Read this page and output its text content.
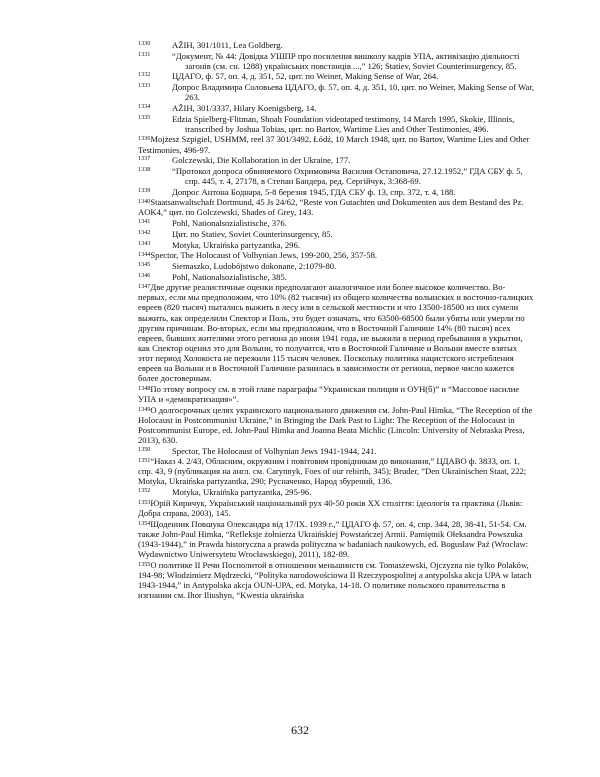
1330	AŽIH, 301/1011, Lea Goldberg.
1331	“Документ, № 44: Довідка УШПР про посилення вишколу кадрів УПА, активізацію діяльності загонів (см. сн. 1288) українських повстанців ...,” 126; Statiev, Soviet Counterinsurgency, 85.
1332	ЦДАГО, ф. 57, оп. 4, д. 351, 52, цит. по Weiner, Making Sense of War, 264.
1333	Допрос Владимира Соловьева ЦДАГО, ф. 57, оп. 4, д. 351, 10, цит. по Weiner, Making Sense of War, 263.
1334	AŽIH, 301/3337, Hilary Koenigsberg, 14.
1335	Edzia Spielberg-Flitman, Shoah Foundation videotaped testimony, 14 March 1995, Skokie, Illinois, transcribed by Joshua Tobias, цит. по Bartov, Wartime Lies and Other Testimonies, 496.
$^{1336}$Mojżesz Szpigiel, USHMM, reel 37 301/3492, Łódź, 10 March 1948, цит. по Bartov, Wartime Lies and Other Testimonies, 496-97.
1337	Golczewski, Die Kollaboration in der Ukraine, 177.
1338	“Протокол допроса обвиняемого Охримовича Василия Остаповича, 27.12.1952,” ГДА СБУ ф. 5, спр. 445, т. 4, 27178, в Степан Бандера, ред. Сергійчук, 3:368-69.
1339	Допрос Антона Боднара, 5-8 березня 1945, ГДА СБУ ф. 13, спр. 372, т. 4, 188.
$^{1340}$Staatsanwaltschaft Dortmund, 45 Js 24/62, “Reste von Gutachten und Dokumenten aus dem Bestand des Pz. AOK4,” цит. по Golczewski, Shades of Grey, 143.
1341	Pohl, Nationalsozialistische, 376.
1342	Цит. по Statiev, Soviet Counterinsurgency, 85.
1343	Motyka, Ukraińska partyzantka, 296.
$^{1344}$Spector, The Holocaust of Volhynian Jews, 199-200, 256, 357-58.
1345	Siemaszko, Ludobójstwo dokonane, 2:1079-80.
1346	Pohl, Nationalsozialistische, 385.
$^{1347}$Две другие реалистичные оценки предполагают аналогичное или более высокое количество. Во-первых, если мы предположим, что 10% (82 тысячи) из общего количества волынских и восточно-галицких евреев (820 тысяч) пытались выжить в лесу или в сельской местности и что 13500-18500 из них сумели выжить, как определили Спектор и Поль, это будет означать, что 63500-68500 были убиты или умерли по другим причинам. Во-вторых, если мы предположим, что в Восточной Галичине 14% (80 тысяч) всех евреев, бывших жителями этого региона до июня 1941 года, не выжили в период пребывания в укрытии, как Спектор оценил это для Волыни, то получится, что в Восточной Галичине и Волыни вместе взятых этот период Холокоста не пережили 115 тысяч человек. Поскольку политика нацистского истребления евреев на Волыни и в Восточной Галичине разнилась в зависимости от региона, первое число кажется более достоверным.
$^{1348}$По этому вопросу см. в этой главе параграфы “Украинская полиция и ОУН(б)” и “Массовое насилие УПА и «демократизация»”.
$^{1349}$О долгосрочных целях украинского национального движения см. John-Paul Himka, “The Reception of the Holocaust in Postcommunist Ukraine,” in Bringing the Dark Past to Light: The Reception of the Holocaust in Postcommunist Europe, ed. John-Paul Himka and Joanna Beata Michlic (Lincoln: University of Nebraska Press, 2013), 630.
1350	Spector, The Holocaust of Volhynian Jews 1941-1944, 241.
$^{1351}$“Наказ 4. 2/43, Обласним, окружним і повітовим провідникам до виконання,” ЦДАВО ф. 3833, оп. 1, спр. 43, 9 (публикация на англ. см. Carynnyk, Foes of our rebirth, 345); Bruder, ”Den Ukrainischen Staat, 222; Motyka, Ukraińska partyzantka, 290; Русначенко, Народ збурений, 136.
1352	Motyka, Ukraińska partyzantka, 295-96.
$^{1353}$Юрій Киричук, Український національний рух 40-50 років XX століття: ідеологія та практика (Львів: Добра справа, 2003), 145.
$^{1354}$Щоденник Повшука Олександра від 17/IX. 1939 г.,” ЦДАГО ф. 57, оп. 4, спр. 344, 28, 38-41, 51-54. См. также John-Paul Himka, “Refleksje żołnierza Ukraińskiej Powstańczej Armii. Pamiętnik Ołeksandra Powszuka (1943-1944),” in Prawda historyczna a prawda polityczna w badaniach naukowych, ed. Bogusław Paź (Wrocław: Wydawnictwo Uniwersytetu Wrocławskiego), 2011), 182-89.
$^{1355}$О политике II Речи Посполитой в отношении меньшинств см. Tomaszewski, Ojczyzna nie tylko Polaków, 194-98; Włodzimierz Mędrzecki, “Polityka narodowościowa II Rzeczypospolitej a antypolska akcja UPA w latach 1943-1944,” in Antypolska akcja OUN-UPA, ed. Motyka, 14-18. О политике польского правительства в изгнании см. Ihor Iliushyn, “Kwestia ukraińska
632
